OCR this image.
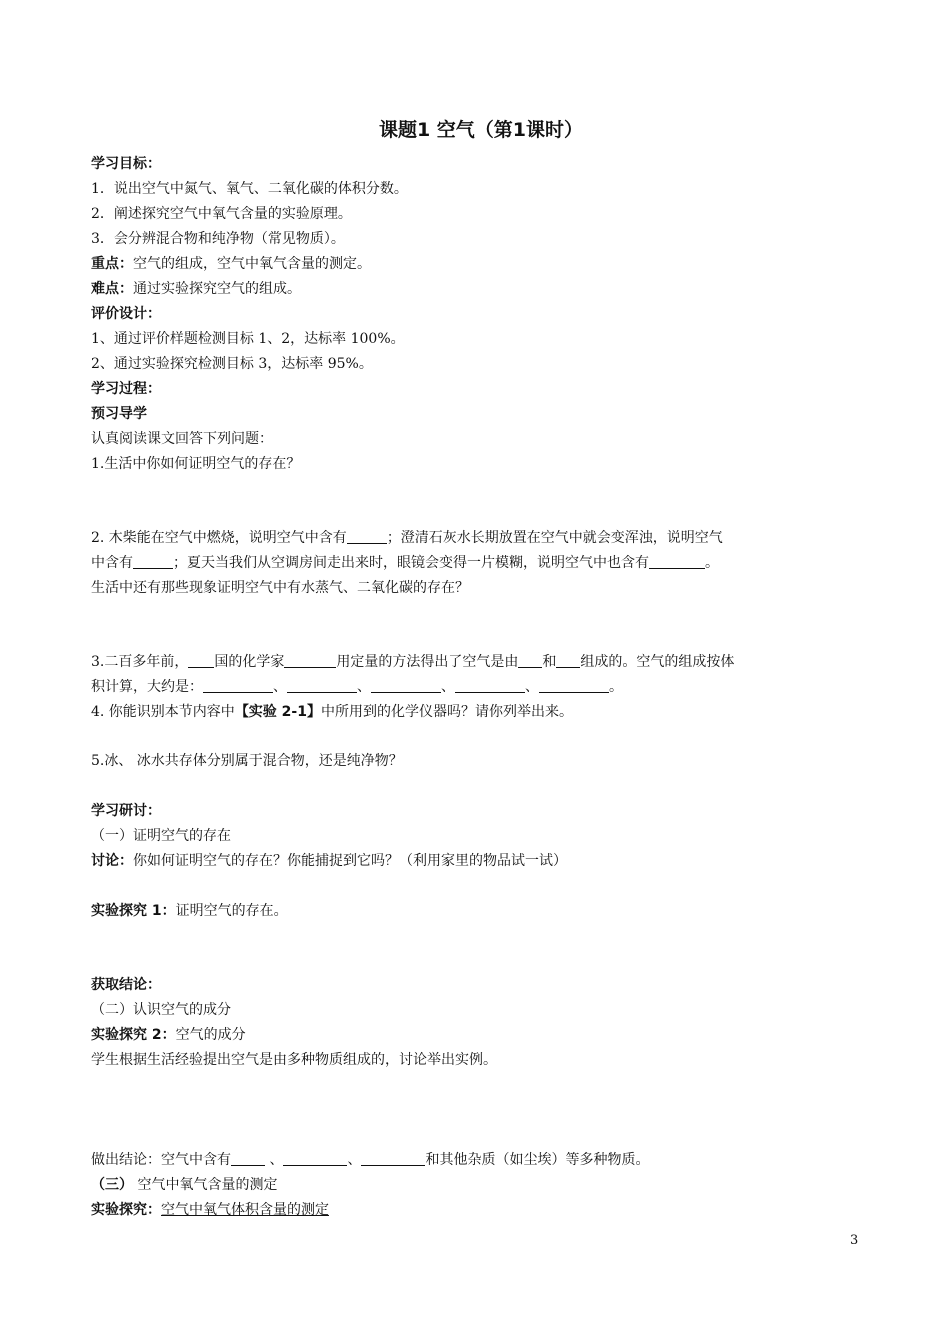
课题1 空气（第1课时）
学习目标：
1．说出空气中氮气、氧气、二氧化碳的体积分数。
2．阐述探究空气中氧气含量的实验原理。
3．会分辨混合物和纯净物（常见物质）。
重点：空气的组成，空气中氧气含量的测定。
难点：通过实验探究空气的组成。
评价设计：
1、通过评价样题检测目标 1、2，达标率 100%。
2、通过实验探究检测目标 3，达标率 95%。
学习过程：
预习导学
认真阅读课文回答下列问题：
1.生活中你如何证明空气的存在？
2. 木柴能在空气中燃烧，说明空气中含有	；澄清石灰水长期放置在空气中就会变浑浊，说明空气
中含有	；夏天当我们从空调房间走出来时，眼镜会变得一片模糊，说明空气中也含有	。
生活中还有那些现象证明空气中有水蒸气、二氧化碳的存在？
3.二百多年前， 国的化学家	用定量的方法得出了空气是由 和 组成的。空气的组成按体
积计算，大约是：	、	、	、	、	。
4. 你能识别本节内容中【实验 2-1】中所用到的化学仪器吗？请你列举出来。
5.冰、 冰水共存体分别属于混合物，还是纯净物？
学习研讨：
（一）证明空气的存在
讨论：你如何证明空气的存在？你能捕捉到它吗？（利用家里的物品试一试）
实验探究 1：证明空气的存在。
获取结论：
（二）认识空气的成分
实验探究 2：空气的成分
学生根据生活经验提出空气是由多种物质组成的，讨论举出实例。
做出结论：空气中含有 、	、	和其他杂质（如尘埃）等多种物质。
（三） 空气中氧气含量的测定
实验探究：空气中氧气体积含量的测定
3
